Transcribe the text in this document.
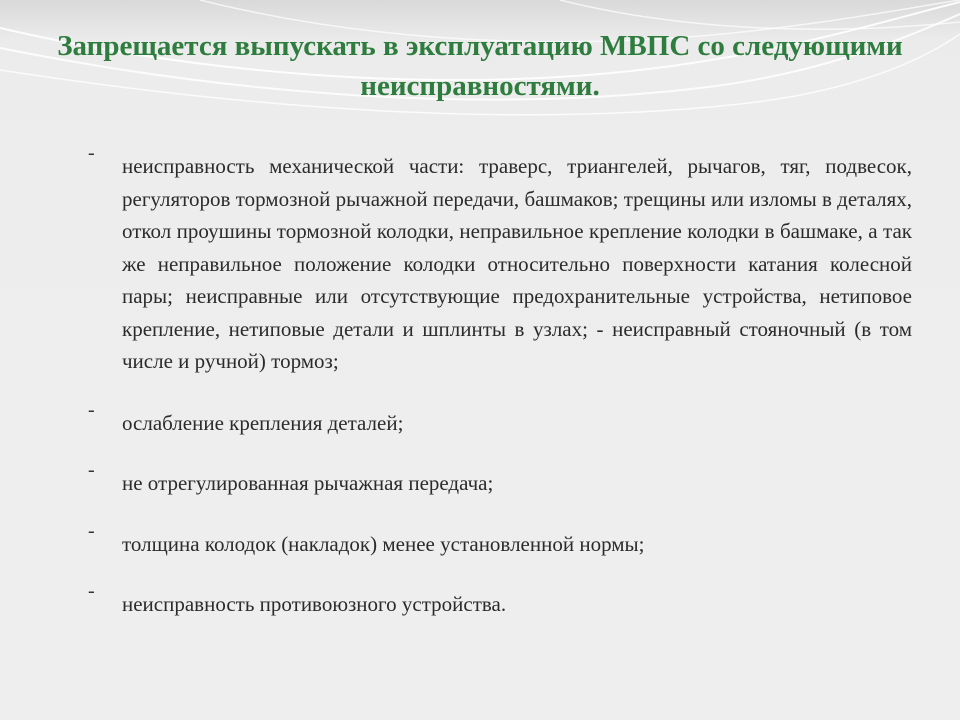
Запрещается выпускать в эксплуатацию МВПС со следующими неисправностями.
-
неисправность механической части: траверс, триангелей, рычагов, тяг, подвесок, регуляторов тормозной рычажной передачи, башмаков; трещины или изломы в деталях, откол проушины тормозной колодки, неправильное крепление колодки в башмаке, а так же неправильное положение колодки относительно поверхности катания колесной пары; неисправные или отсутствующие предохранительные устройства, нетиповое крепление, нетиповые детали и шплинты в узлах; - неисправный стояночный (в том числе и ручной) тормоз;
-
ослабление крепления деталей;
-
не отрегулированная рычажная передача;
-
толщина колодок (накладок) менее установленной нормы;
-
неисправность противоюзного устройства.
